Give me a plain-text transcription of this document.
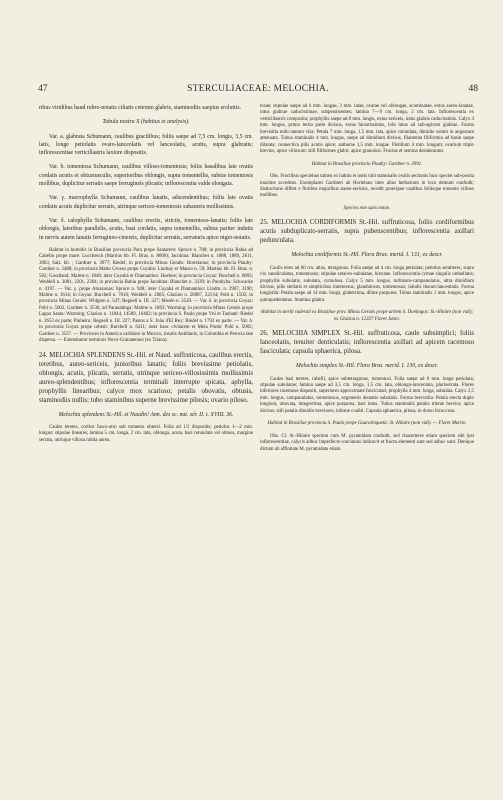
47	STERCULIACEAE: MELOCHIA.	48

ribus viridibus haud rubro-notatis ciliatis ceterum glabris, staminodiis saepius eroluttis.

Tabula nostra X (habitus et analysis).

Var. a. glabrata Schumann, caulibus gracilibus; foliis saepe ad 7,5 cm. longis, 3,5 cm. latis, longe petiolatis ovato-lanceolatis vel lanceolatis, acutis, supra glabratis; inflorescentiae verticillastris laxiore dispositis.

Var. b. tomentosa Schumann, caulibus villoso-tomentosis; foliis basalibus late ovatis cordatis acutis et obtusiusculis, superioribus oblongis, supra tomentellis, subtus tomentosis mollibus, duplicitur serratis saepe ferrugineis plicatis; inflorescentia valde elongata.

Var. γ. macrophylla Schumann, caulibus lanatis, adscendentibus; foliis late ovatis cordatis acutis duplicitur serratis, utrinque sericeo-tomentosis subaureis mollissimis.

Var. δ. calophylla Schumann, caulibus erectis, strictis, tomentoso-lanatis; foliis late oblongis, lateribus parallelis, acutis, basi cordatis, supra tomentellis, subtus pariter indutis in nervis autem lanatis ferrugineo-cinereis, duplicitur serratis, serraturis apice nigro-notatis.

Habitat in humidis in Brasiliae provincia Pará prope Santarem: Spruce n. 788; in provincia Bahia ad Cabello prope mare: Lucchesch (Martius hb. Fl. Bras. n. 8600); Jacobina: Blanchet n. 1888, 1889, 2611, 3063, Salz. hb. ; Gardner n. 3077; Riedel; in provincia Minas Geraës: Hortelanus; in provincia Piauhy: Gardner n. 2488; in provincia Matto Grosso prope Cuyabá: Lindsay et Manso n. 59; Martius hb. Fl. Bras. n. 582; Goodland; Malme n. 1848; inter Cuyabá et Diamantino: Hoehne; in provincia Goyaz: Burchell n. 6893; Weddell n. 2081, 2201, 2364; in provincia Bahia prope Jacobina: Blanchet n. 3339; in Parahyba: Schwacke n. 4197. — Var. γ. prope Amazonas: Spruce n. 948; inter Cuyabá et Diamantino: Lindm. n. 2907, 3190; Malme n. 1614; in Goyaz: Burchell n. 7010; Weddell n. 2085; Glaziou n. 20887, 22134; Pohl n. 1502; in provincia Minas Geraës: Widgren n. 547; Regnell n. III. 227; Mosén n. 3520. — Var. δ. in provincia Goyaz: Pohl n. 5002, Gardner n. 3536; ad Paranatinga: Malme n. 1863; Warming; in provincia Minas Geraës prope Lagoa Santa: Warming; Glaziou n. 11844, 14580, 16402; in provincia S. Paulo prope Ytú et Taubaté: Riedel n. 2653 ex parte; Pinheiro: Regnell n. III. 227; Pastos a S. João d'El Rey: Riedel n. 1792 ex parte. — Var. δ. in provincia Goyaz prope urbem: Burchell n. 6411; inter hanc civitatem et Meia Ponte: Pohl n. 5002; Gardner n. 3537. — Provinces in America calidiore in Mexico, insulis Antillanis, in Colombia et Peruvia late dispersa. — Extenduntur terminos Novo-Granatenses (ex Triana).

24. MELOCHIA SPLENDENS St.-Hil. et Naud. suffruticosa, caulibus erectis, teretibus, aureo-sericeis, junioribus lanatis; foliis brevissime petiolatis, oblongis, acutis, plicatis, serratis, utrinque sericeo-villosissimis mollissimis aureo-splendentibus; inflorescentia terminali interrupte spicata, aphylla, prophyllis linearibus; calyce mox scarioso; petalis obovatis, obtusis, staminodiis nullis; tubo staminibus superne brevissime pilosis; ovario piloso.

Melochia splendens St.-Hil. et Naudin! Ann. des sc. nat. sér. II. t. XVIII. 36.

Caules teretes, cortice fusco-atro sub tomento obtecti. Folia ad 1/2 dispositis; petiolus 1—2 mm. longus; stipulae lineares; lamina 5 cm. longa, 2 cm. lata, oblonga, acuta, basi rotundata vel obtusa, margine serrata, utrinque villosa nitida aurea.

tosae; stipulae saepe ad 6 mm. longae, 3 mm. latae, ovatae vel oblongae, acuminatae, extus aureo-lanatae, intus glabrae caducissimae, subpersistentes; lamina 7—9 cm. longa, 2 cm. lata. Inflorescentia ex verticillastris composita; prophyllis saepe ad 8 mm. longis, extus sericeis, intus glabris caducissimis. Calyx 4 mm. longus, primo tertia parte divisus, extus hirsutissimus, lobi intus ad sub-apicem glabrae. Forma brevistila mihi tantum visa: Petala 7 mm. longa, 1,5 mm. lata, apice rotundata, dimidio solum in angustum attenuata. Tubus staminalis 4 mm. longus, saepe ad dimidium divisus, filamenta filiformia ad basin saepe dilatata; connectiva pilis acutis apice; antherae 1,5 mm. longae. Pistillum 4 mm. longum; ovarium triplo brevius, apice villosum; stili filiformes glabri, apice granulosi. Fructus et semina desiderantur.

Habitat in Brasiliae provincia Piauhy: Gardner n. 3091.

Obs. Fructibus speciebus tamen ex habitu et notis tubi staminalis ovalis sectionis huic speciei sub-posita maxime accedens. Exemplares Gardneri ab Hortelano inter alios herbarium in loco demum confudit; distinctione differt e floribus majoribus aureo-sericeis, recedit praecipue caulibus foliisque tomento villoso mollibus.

Species non satis notae.

25. MELOCHIA CORDIFORMIS St.-Hil. suffruticosa, foliis cordiformibus acutis subduplicato-serratis, supra pubenscentibus; inflorescentia axillari pedunculata.

Melochia cordiformis St.-Hil. Flora Bras. merid. I. 131, ex descr.

Caulis teres ad 60 cm. altus, tetragonus. Folia saepe ad 4 cm. longa petiolata; petiolus semiteres, supra vix canaliculatus, tomentosus; stipulae setaceo-subulatae, hirsutae. Inflorescentia cymae singulis umbellatis; prophyllis subulatis, subulata, cymulosa. Calyx 5 mm. longus, turbinato-campanulatus, ultra dimidium divisus, pilis stellatis et simplicibus intertextus, glandulosus, tomentosus; lobulis lineari-lanceolatis. Forma longistila: Petala saepe ad 14 mm. longa, glaberrima, dilute purpurea. Tubus staminalis 1 mm. longus, apice quinquedentatus. Stamina glabra.

Habitat in sterili ruderali ex Brasiliae prov. Minas Geraës prope urbem S. Domingos: St.-Hilaire (non vidi); ex Glaziou n. 12337 Floret Junio.

26. MELOCHIA SIMPLEX St.-Hil. suffruticosa, caule subsimplici; foliis lanceolatis, tenuiter denticulatis; inflorescentia axillari ad apicem racemoso fasciculata; capsula sphaerica, pilosa.

Melochia simplex St.-Hil. Flora Bras. merid. I. 130, ex descr.

Caules basi teretes, rubelli, apice subtetragonos, tomentosi. Folia saepe ad 6 mm. longe petiolata; stipulae subulatae; lamina saepe ad 3,5 cm. longa, 1,5 cm. lata, oblongo-lanceolata, pluriserrata. Flores inferiores racemose dispositi, superiores approximate fasciculati; prophylla 4 mm. longa, subulata. Calyx 2,5 mm. longus, campanulatus, tomentosus, segmentis dentatis subulatis. Forma brevistila: Petala erecta duplo longiora, obovata, integerrima, apice purpurea, basi intus. Tubus staminalis petalis triente brevior, apice divisus; stili petalis dimidio breviores, inferne coaliti. Capsula sphaerica, pilosa, in dorso bicoccosa.

Habitat in Brasiliae provincia S. Paulo prope Guaratinguetá: St.-Hilaire (non vidi). — Floret Martio.

Obs. Cl. St.-Hilaire speciem cum M. pyramidata confudit, sed characteres etiam speciem sibi ipsi inflorescentiae, calycis adhuc imperfecte concinnos indicavit et fructu elementi sunt sed adhuc sunt. Denique dictum ab affinitate M. pyramidata etiam.
